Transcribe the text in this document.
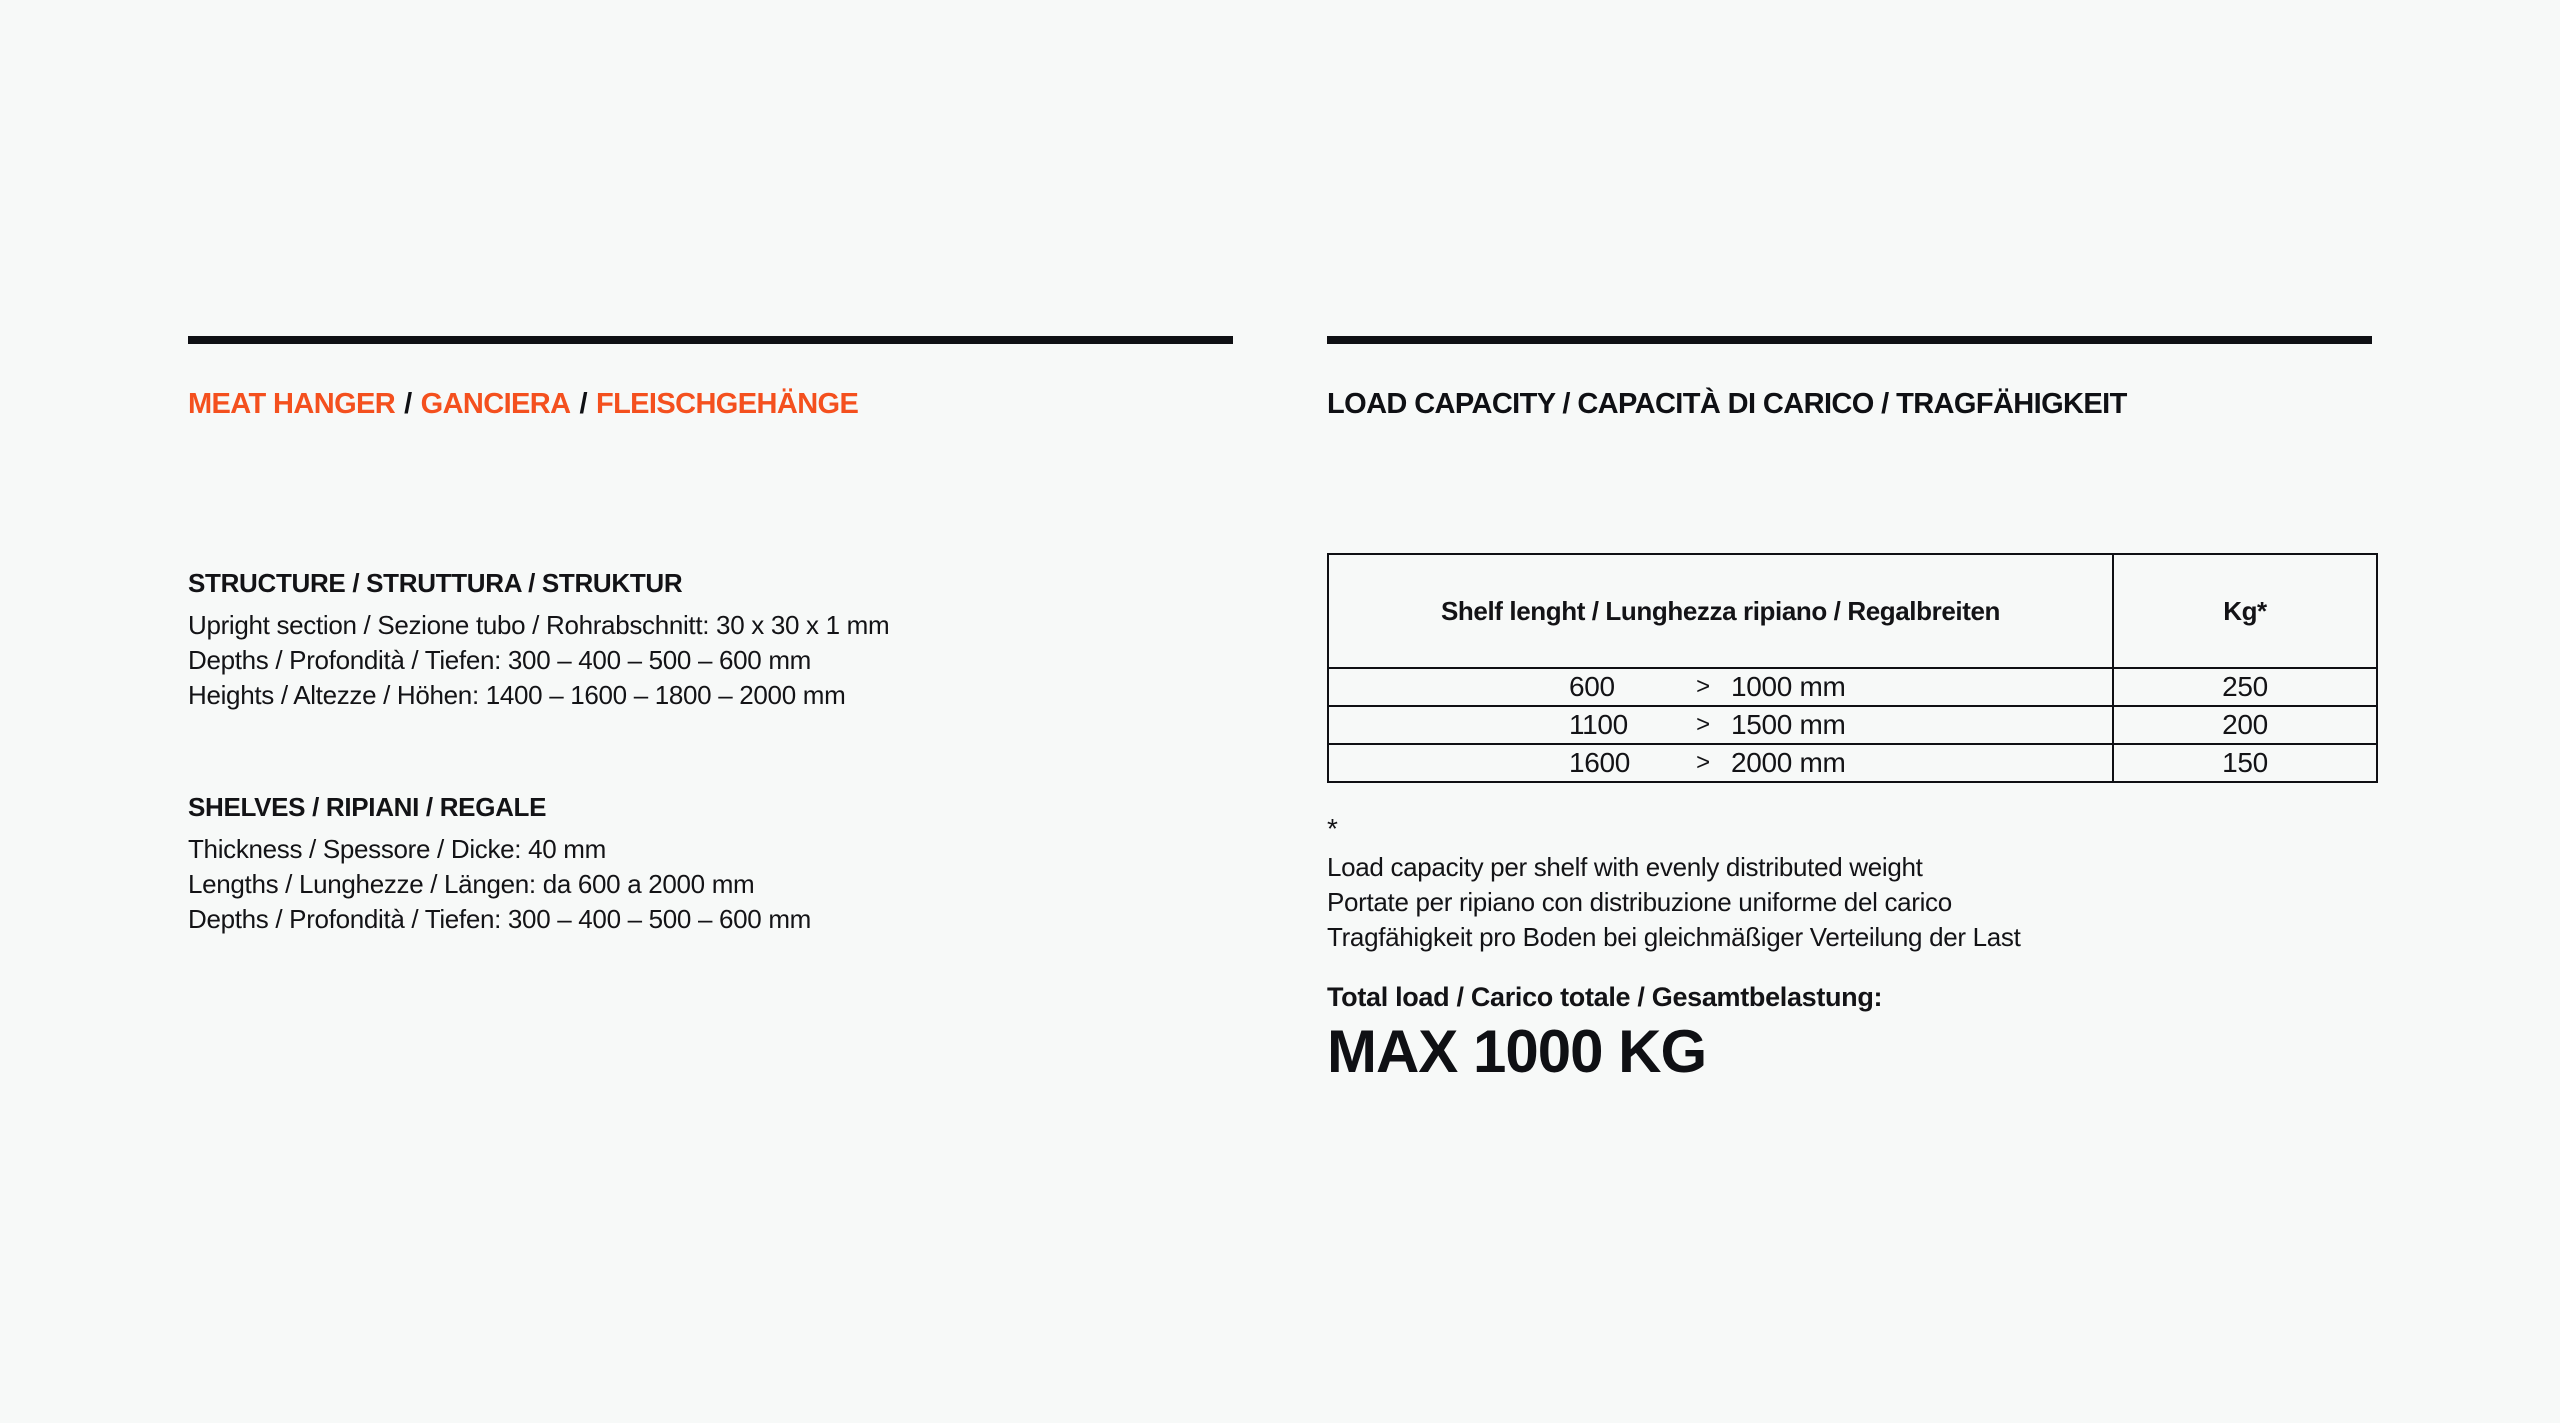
MEAT HANGER / GANCIERA / FLEISCHGEHÄNGE
STRUCTURE / STRUTTURA / STRUKTUR

Upright section / Sezione tubo / Rohrabschnitt: 30 x 30 x 1 mm

Depths / Profondità / Tiefen: 300 – 400 – 500 – 600 mm

Heights / Altezze / Höhen: 1400 – 1600 – 1800 – 2000 mm

SHELVES / RIPIANI / REGALE

Thickness / Spessore / Dicke: 40 mm

Lengths / Lunghezze / Längen: da 600 a 2000 mm

Depths / Profondità / Tiefen: 300 – 400 – 500 – 600 mm

LOAD CAPACITY / CAPACITÀ DI CARICO / TRAGFÄHIGKEIT
Shelf lenght / Lunghezza ripiano / Regalbreiten	Kg*

600 > 1000 mm	250

1100 > 1500 mm	200

1600 > 2000 mm	150
*

Load capacity per shelf with evenly distributed weight

Portate per ripiano con distribuzione uniforme del carico

Tragfähigkeit pro Boden bei gleichmäßiger Verteilung der Last

Total load / Carico totale / Gesamtbelastung:
MAX 1000 KG
